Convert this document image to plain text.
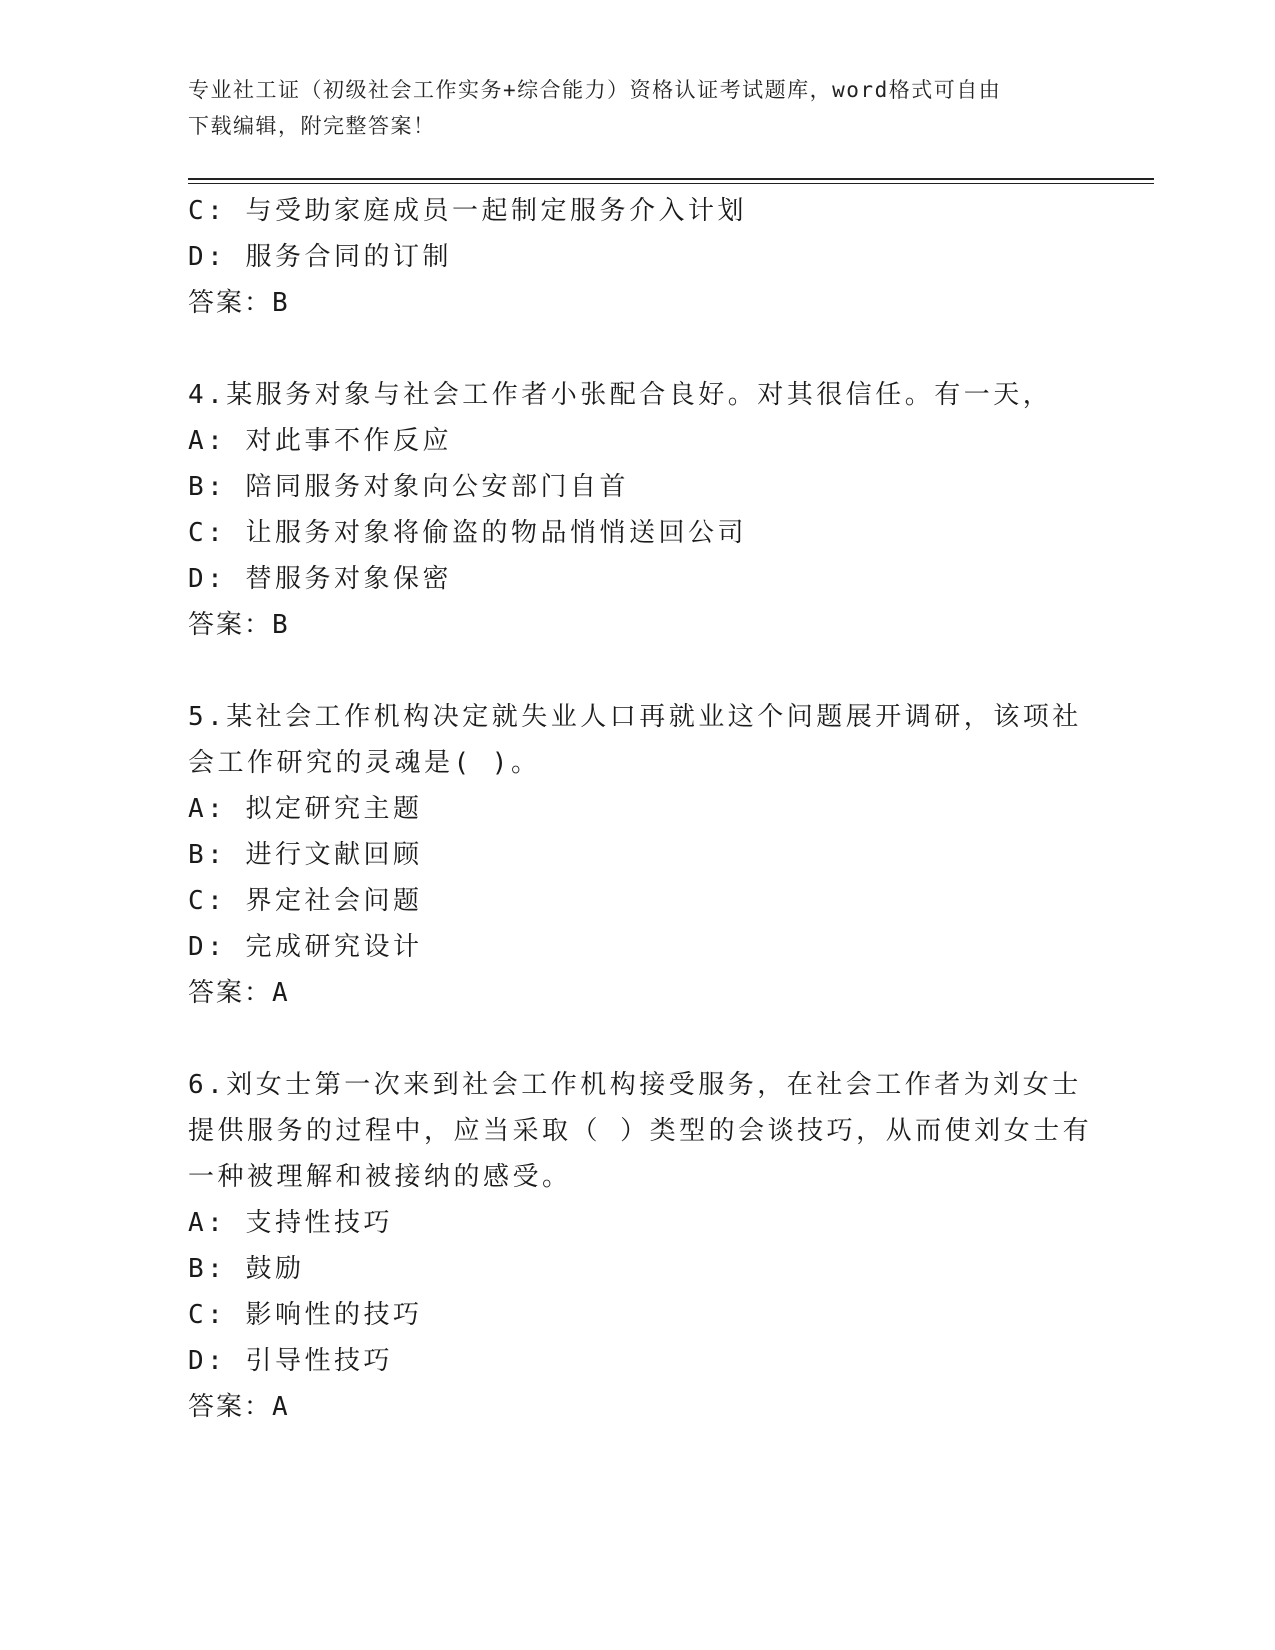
专业社工证（初级社会工作实务+综合能力）资格认证考试题库，word格式可自由
下载编辑，附完整答案！
C: 与受助家庭成员一起制定服务介入计划
D: 服务合同的订制
答案：B
4.某服务对象与社会工作者小张配合良好。对其很信任。有一天，
A: 对此事不作反应
B: 陪同服务对象向公安部门自首
C: 让服务对象将偷盗的物品悄悄送回公司
D: 替服务对象保密
答案：B
5.某社会工作机构决定就失业人口再就业这个问题展开调研，该项社
会工作研究的灵魂是( )。
A: 拟定研究主题
B: 进行文献回顾
C: 界定社会问题
D: 完成研究设计
答案：A
6.刘女士第一次来到社会工作机构接受服务，在社会工作者为刘女士
提供服务的过程中，应当采取（ ）类型的会谈技巧，从而使刘女士有
一种被理解和被接纳的感受。
A: 支持性技巧
B: 鼓励
C: 影响性的技巧
D: 引导性技巧
答案：A
